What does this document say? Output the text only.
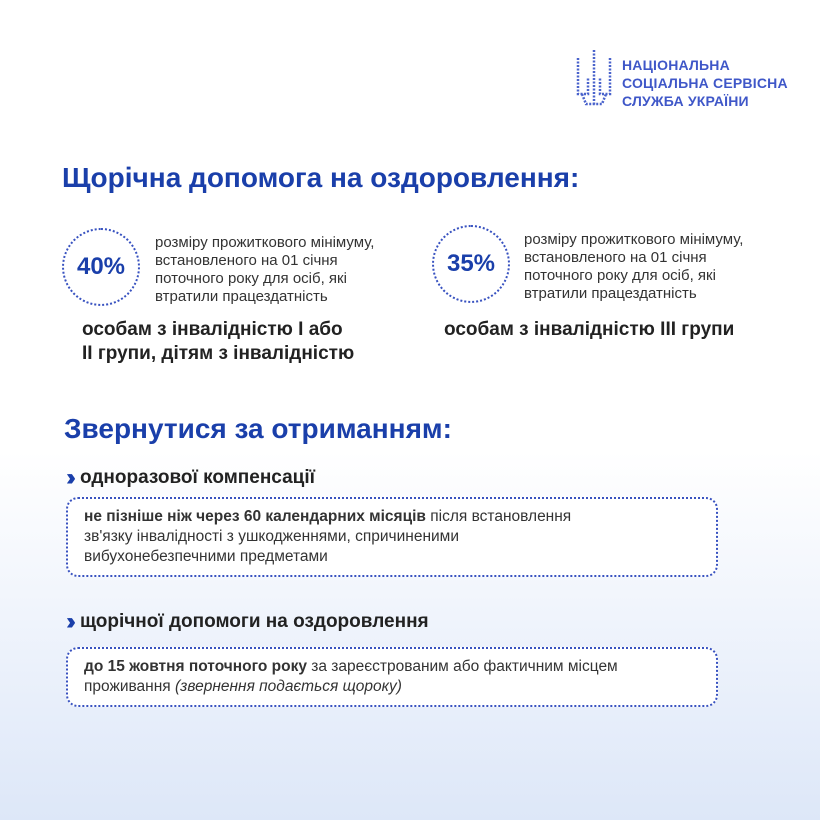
НАЦІОНАЛЬНА
СОЦІАЛЬНА СЕРВІСНА
СЛУЖБА УКРАЇНИ
Щорічна допомога на оздоровлення:
40%
розміру прожиткового мінімуму,
встановленого на 01 січня
поточного року для осіб, які
втратили працездатність
особам з інвалідністю I або
II групи, дітям з інвалідністю
35%
розміру прожиткового мінімуму,
встановленого на 01 січня
поточного року для осіб, які
втратили працездатність
особам з інвалідністю III групи
Звернутися за отриманням:
›› одноразової компенсації
не пізніше ніж через 60 календарних місяців після встановлення
зв'язку інвалідності з ушкодженнями, спричиненими
вибухонебезпечними предметами
›› щорічної допомоги на оздоровлення
до 15 жовтня поточного року за зареєстрованим або фактичним місцем
проживання (звернення подається щороку)
